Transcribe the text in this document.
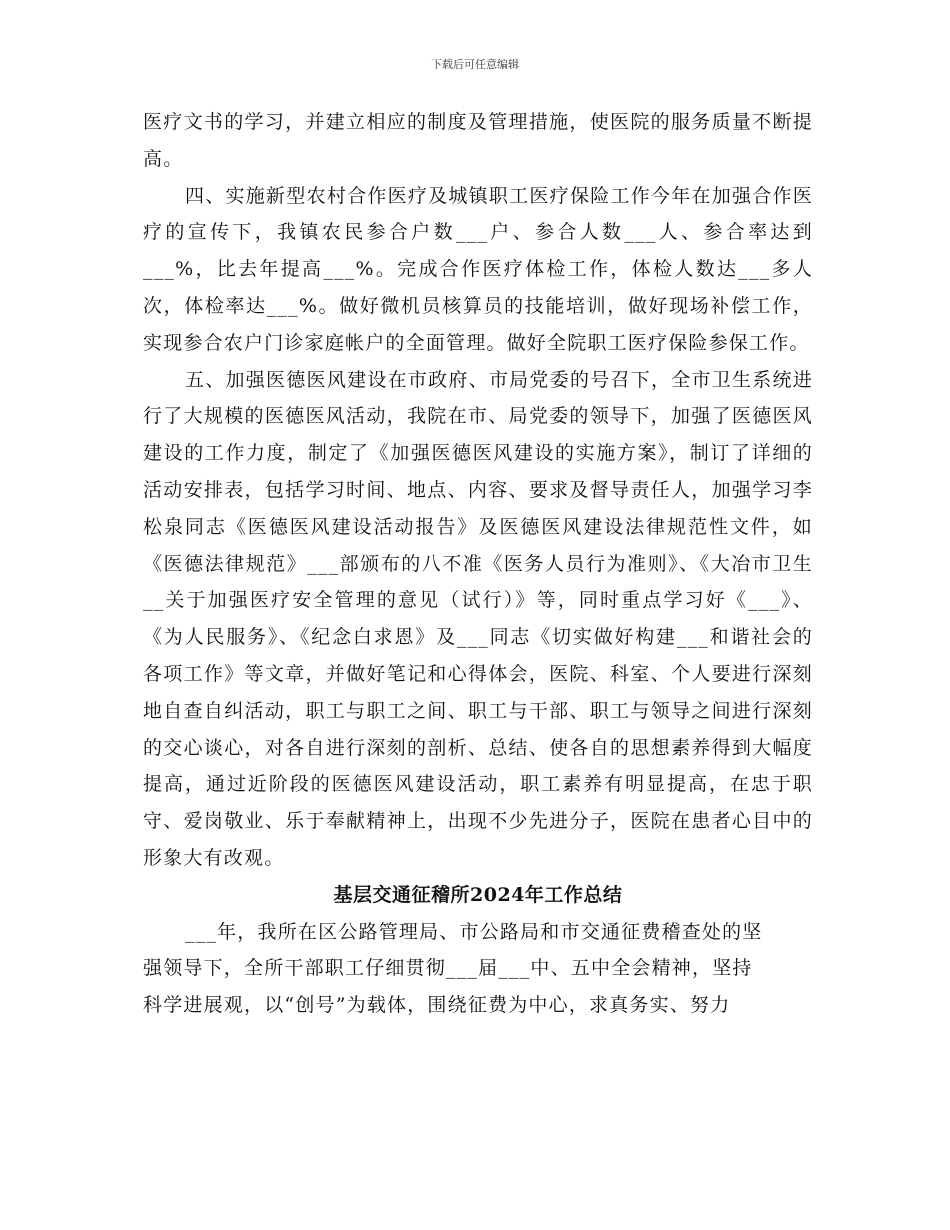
下载后可任意编辑

医疗文书的学习，并建立相应的制度及管理措施，使医院的服务质量不断提高。

四、实施新型农村合作医疗及城镇职工医疗保险工作今年在加强合作医疗的宣传下，我镇农民参合户数___户、参合人数___人、参合率达到___%，比去年提高___%。完成合作医疗体检工作，体检人数达___多人次，体检率达___%。做好微机员核算员的技能培训，做好现场补偿工作，实现参合农户门诊家庭帐户的全面管理。做好全院职工医疗保险参保工作。

五、加强医德医风建设在市政府、市局党委的号召下，全市卫生系统进行了大规模的医德医风活动，我院在市、局党委的领导下，加强了医德医风建设的工作力度，制定了《加强医德医风建设的实施方案》，制订了详细的活动安排表，包括学习时间、地点、内容、要求及督导责任人，加强学习李松泉同志《医德医风建设活动报告》及医德医风建设法律规范性文件，如《医德法律规范》___部颁布的八不准《医务人员行为准则》、《大冶市卫生__关于加强医疗安全管理的意见（试行）》等，同时重点学习好《___》、《为人民服务》、《纪念白求恩》及___同志《切实做好构建___和谐社会的各项工作》等文章，并做好笔记和心得体会，医院、科室、个人要进行深刻地自查自纠活动，职工与职工之间、职工与干部、职工与领导之间进行深刻的交心谈心，对各自进行深刻的剖析、总结、使各自的思想素养得到大幅度提高，通过近阶段的医德医风建设活动，职工素养有明显提高，在忠于职守、爱岗敬业、乐于奉献精神上，出现不少先进分子，医院在患者心目中的形象大有改观。

基层交通征稽所2024年工作总结

___年，我所在区公路管理局、市公路局和市交通征费稽查处的坚

强领导下，全所干部职工仔细贯彻___届___中、五中全会精神，坚持

科学进展观，以“创号”为载体，围绕征费为中心，求真务实、努力
